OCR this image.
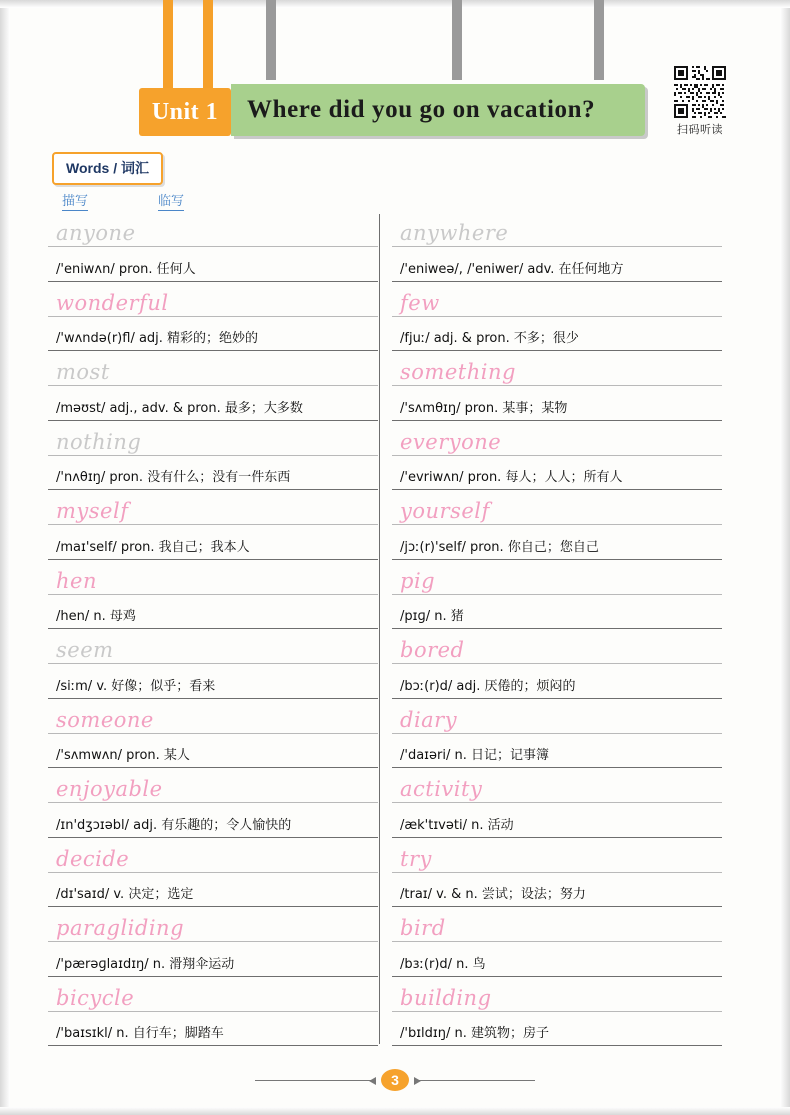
Unit 1	Where did you go on vacation?
扫码听读
Words / 词汇
描写	临写
anyone
/'eniwʌn/ pron. 任何人
wonderful
/'wʌndə(r)fl/ adj. 精彩的；绝妙的
most
/məʊst/ adj., adv. & pron. 最多；大多数
nothing
/'nʌθɪŋ/ pron. 没有什么；没有一件东西
myself
/maɪ'self/ pron. 我自己；我本人
hen
/hen/ n. 母鸡
seem
/siːm/ v. 好像；似乎；看来
someone
/'sʌmwʌn/ pron. 某人
enjoyable
/ɪn'dʒɔɪəbl/ adj. 有乐趣的；令人愉快的
decide
/dɪ'saɪd/ v. 决定；选定
paragliding
/'pærəɡlaɪdɪŋ/ n. 滑翔伞运动
bicycle
/'baɪsɪkl/ n. 自行车；脚踏车
anywhere
/'eniweə/, /'eniwer/ adv. 在任何地方
few
/fjuː/ adj. & pron. 不多；很少
something
/'sʌmθɪŋ/ pron. 某事；某物
everyone
/'evriwʌn/ pron. 每人；人人；所有人
yourself
/jɔː(r)'self/ pron. 你自己；您自己
pig
/pɪɡ/ n. 猪
bored
/bɔː(r)d/ adj. 厌倦的；烦闷的
diary
/'daɪəri/ n. 日记；记事簿
activity
/æk'tɪvəti/ n. 活动
try
/traɪ/ v. & n. 尝试；设法；努力
bird
/bɜː(r)d/ n. 鸟
building
/'bɪldɪŋ/ n. 建筑物；房子
3
